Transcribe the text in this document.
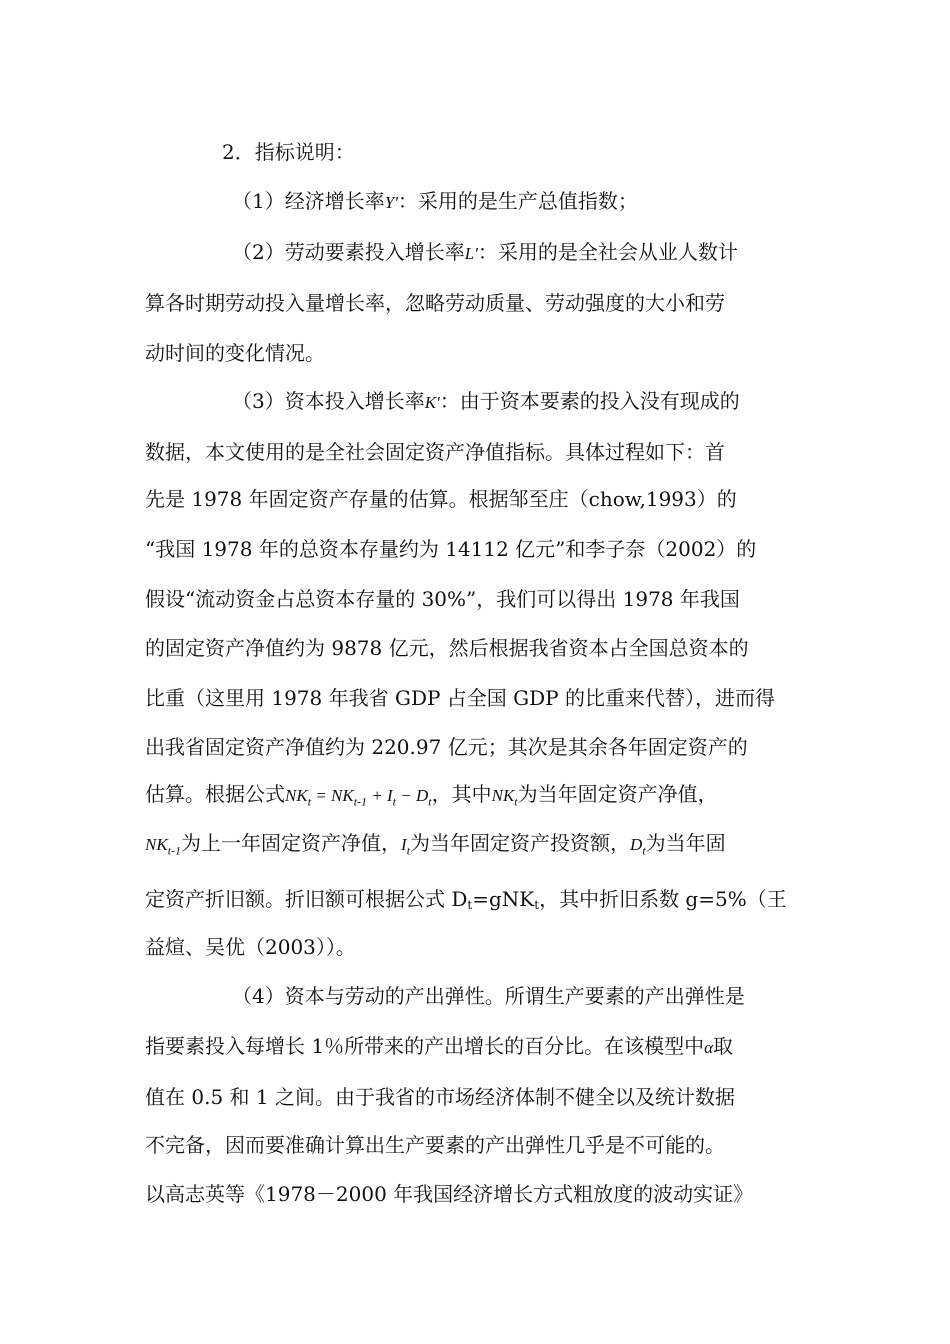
2．指标说明：
（1）经济增长率Y'：采用的是生产总值指数；
（2）劳动要素投入增长率L'：采用的是全社会从业人数计
算各时期劳动投入量增长率，忽略劳动质量、劳动强度的大小和劳
动时间的变化情况。
（3）资本投入增长率K'：由于资本要素的投入没有现成的
数据，本文使用的是全社会固定资产净值指标。具体过程如下：首
先是 1978 年固定资产存量的估算。根据邹至庄（chow,1993）的
“我国 1978 年的总资本存量约为 14112 亿元”和李子奈（2002）的
假设“流动资金占总资本存量的 30%”，我们可以得出 1978 年我国
的固定资产净值约为 9878 亿元，然后根据我省资本占全国总资本的
比重（这里用 1978 年我省 GDP 占全国 GDP 的比重来代替），进而得
出我省固定资产净值约为 220.97 亿元；其次是其余各年固定资产的
估算。根据公式$NK_t = NK_{t-1} + I_t - D_t$，其中$NK_t$为当年固定资产净值，
$NK_{t-1}$为上一年固定资产净值，$I_t$为当年固定资产投资额，$D_t$为当年固
定资产折旧额。折旧额可根据公式 Dt=gNKt，其中折旧系数 g=5%（王
益煊、吴优（2003））。
（4）资本与劳动的产出弹性。所谓生产要素的产出弹性是
指要素投入每增长 1％所带来的产出增长的百分比。在该模型中α取
值在 0.5 和 1 之间。由于我省的市场经济体制不健全以及统计数据
不完备，因而要准确计算出生产要素的产出弹性几乎是不可能的。
以高志英等《1978－2000 年我国经济增长方式粗放度的波动实证》
